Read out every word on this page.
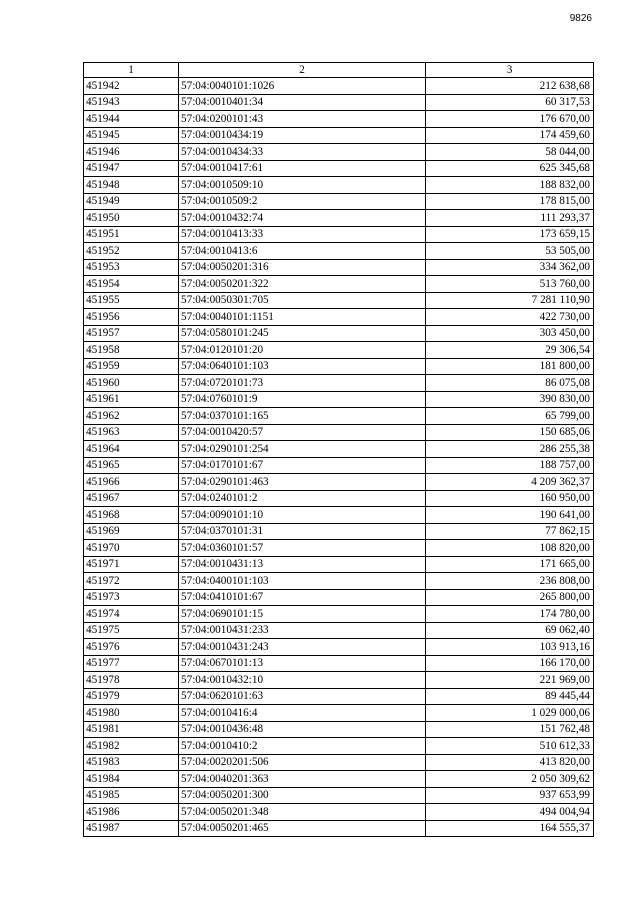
9826
1	2	3
451942	57:04:0040101:1026	212 638,68
451943	57:04:0010401:34	60 317,53
451944	57:04:0200101:43	176 670,00
451945	57:04:0010434:19	174 459,60
451946	57:04:0010434:33	58 044,00
451947	57:04:0010417:61	625 345,68
451948	57:04:0010509:10	188 832,00
451949	57:04:0010509:2	178 815,00
451950	57:04:0010432:74	111 293,37
451951	57:04:0010413:33	173 659,15
451952	57:04:0010413:6	53 505,00
451953	57:04:0050201:316	334 362,00
451954	57:04:0050201:322	513 760,00
451955	57:04:0050301:705	7 281 110,90
451956	57:04:0040101:1151	422 730,00
451957	57:04:0580101:245	303 450,00
451958	57:04:0120101:20	29 306,54
451959	57:04:0640101:103	181 800,00
451960	57:04:0720101:73	86 075,08
451961	57:04:0760101:9	390 830,00
451962	57:04:0370101:165	65 799,00
451963	57:04:0010420:57	150 685,06
451964	57:04:0290101:254	286 255,38
451965	57:04:0170101:67	188 757,00
451966	57:04:0290101:463	4 209 362,37
451967	57:04:0240101:2	160 950,00
451968	57:04:0090101:10	190 641,00
451969	57:04:0370101:31	77 862,15
451970	57:04:0360101:57	108 820,00
451971	57:04:0010431:13	171 665,00
451972	57:04:0400101:103	236 808,00
451973	57:04:0410101:67	265 800,00
451974	57:04:0690101:15	174 780,00
451975	57:04:0010431:233	69 062,40
451976	57:04:0010431:243	103 913,16
451977	57:04:0670101:13	166 170,00
451978	57:04:0010432:10	221 969,00
451979	57:04:0620101:63	89 445,44
451980	57:04:0010416:4	1 029 000,06
451981	57:04:0010436:48	151 762,48
451982	57:04:0010410:2	510 612,33
451983	57:04:0020201:506	413 820,00
451984	57:04:0040201:363	2 050 309,62
451985	57:04:0050201:300	937 653,99
451986	57:04:0050201:348	494 004,94
451987	57:04:0050201:465	164 555,37
